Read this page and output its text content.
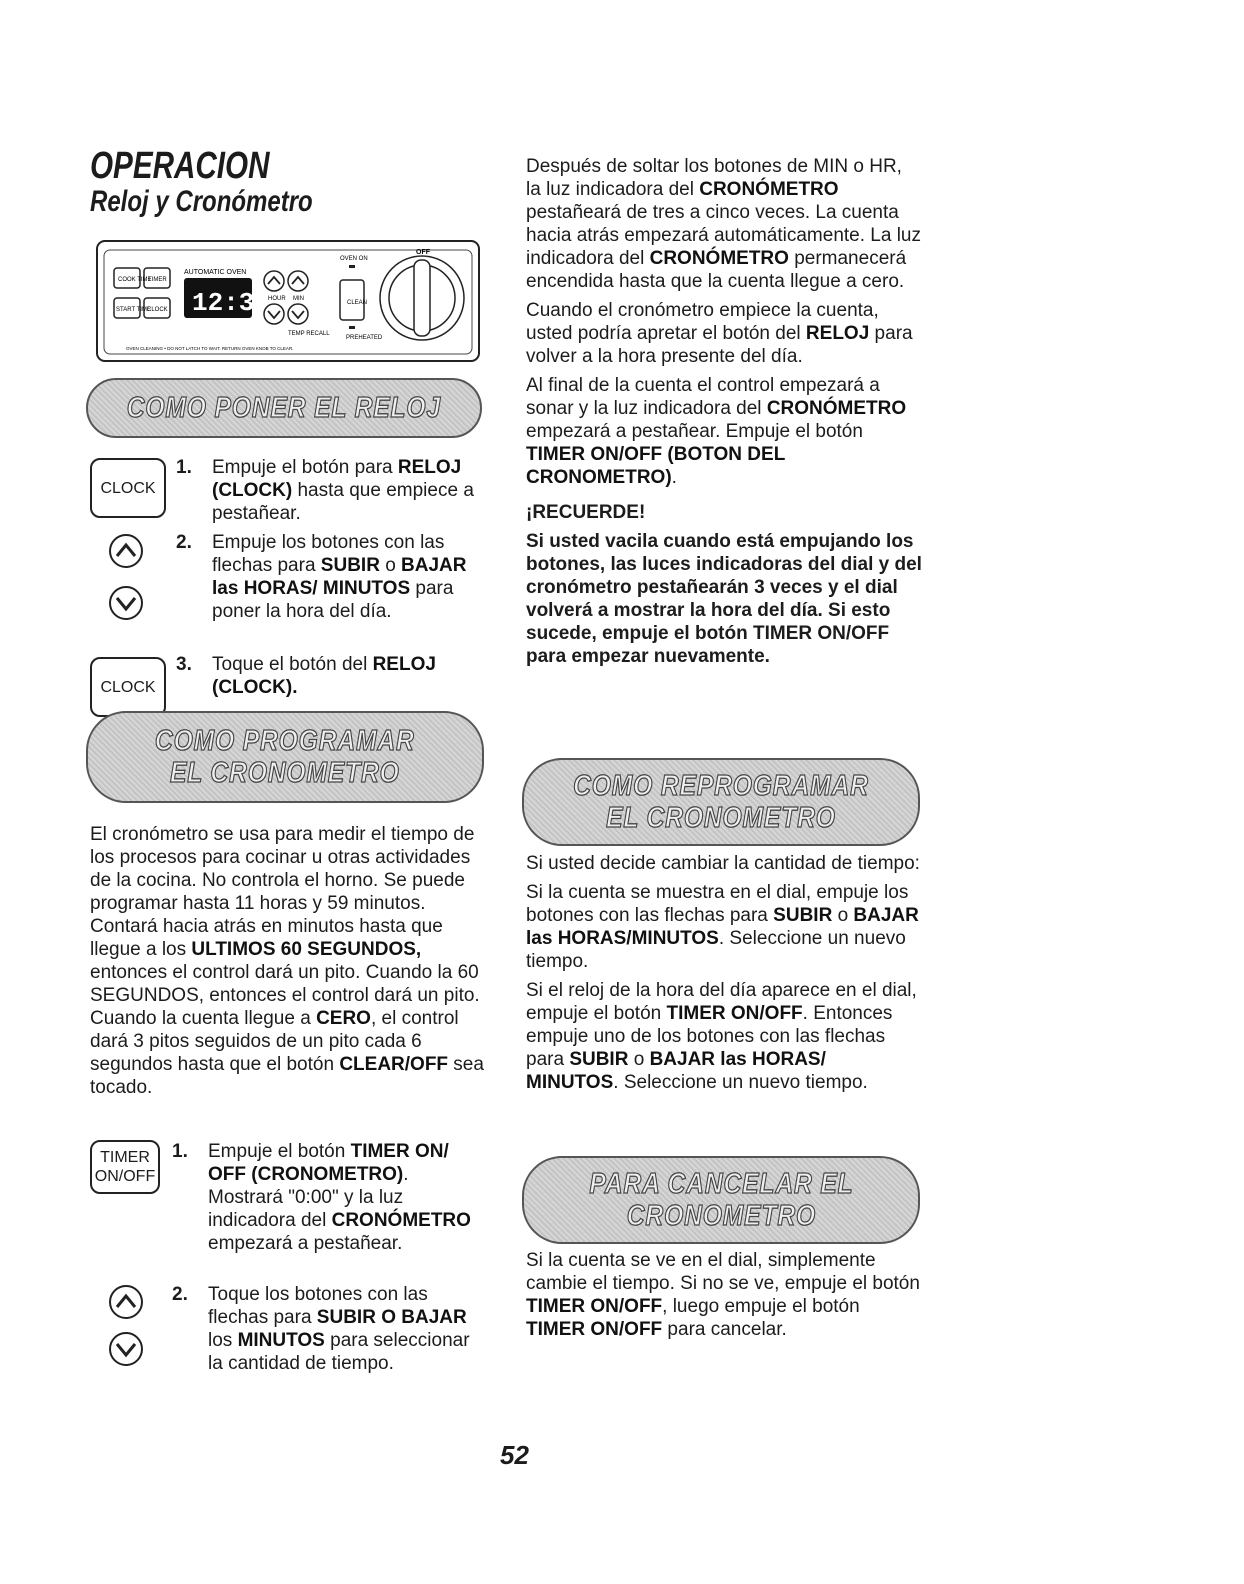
OPERACION
Reloj y Cronómetro
COOK TIME
TIMER
START TIME
CLOCK
AUTOMATIC OVEN
12:30
HOUR MIN
TEMP RECALL
OVEN ON
CLEAN
PREHEATED
OFF
OVEN CLEANING • DO NOT LATCH TO WAIT. RETURN OVEN KNOB TO CLEAR.
COMO PONER EL RELOJ
CLOCK
CLOCK
1. Empuje el botón para RELOJ (CLOCK) hasta que empiece a pestañear.
2. Empuje los botones con las flechas para SUBIR o BAJAR las HORAS/ MINUTOS para poner la hora del día.
3. Toque el botón del RELOJ (CLOCK).
COMO PROGRAMAR
EL CRONOMETRO

El cronómetro se usa para medir el tiempo de los procesos para cocinar u otras actividades de la cocina. No controla el horno. Se puede programar hasta 11 horas y 59 minutos. Contará hacia atrás en minutos hasta que llegue a los ULTIMOS 60 SEGUNDOS, entonces el control dará un pito. Cuando la 60 SEGUNDOS, entonces el control dará un pito. Cuando la cuenta llegue a CERO, el control dará 3 pitos seguidos de un pito cada 6 segundos hasta que el botón CLEAR/OFF sea tocado.

TIMER
ON/OFF
1. Empuje el botón TIMER ON/ OFF (CRONOMETRO). Mostrará "0:00" y la luz indicadora del CRONÓMETRO empezará a pestañear.
2. Toque los botones con las flechas para SUBIR O BAJAR los MINUTOS para seleccionar la cantidad de tiempo.

Después de soltar los botones de MIN o HR, la luz indicadora del CRONÓMETRO pestañeará de tres a cinco veces. La cuenta hacia atrás empezará automáticamente. La luz indicadora del CRONÓMETRO permanecerá encendida hasta que la cuenta llegue a cero.

Cuando el cronómetro empiece la cuenta, usted podría apretar el botón del RELOJ para volver a la hora presente del día.

Al final de la cuenta el control empezará a sonar y la luz indicadora del CRONÓMETRO empezará a pestañear. Empuje el botón TIMER ON/OFF (BOTON DEL CRONOMETRO).

¡RECUERDE!

Si usted vacila cuando está empujando los botones, las luces indicadoras del dial y del cronómetro pestañearán 3 veces y el dial volverá a mostrar la hora del día. Si esto sucede, empuje el botón TIMER ON/OFF para empezar nuevamente.

COMO REPROGRAMAR
EL CRONOMETRO

Si usted decide cambiar la cantidad de tiempo:

Si la cuenta se muestra en el dial, empuje los botones con las flechas para SUBIR o BAJAR las HORAS/MINUTOS. Seleccione un nuevo tiempo.

Si el reloj de la hora del día aparece en el dial, empuje el botón TIMER ON/OFF. Entonces empuje uno de los botones con las flechas para SUBIR o BAJAR las HORAS/ MINUTOS. Seleccione un nuevo tiempo.

PARA CANCELAR EL
CRONOMETRO

Si la cuenta se ve en el dial, simplemente cambie el tiempo. Si no se ve, empuje el botón TIMER ON/OFF, luego empuje el botón TIMER ON/OFF para cancelar.

52
